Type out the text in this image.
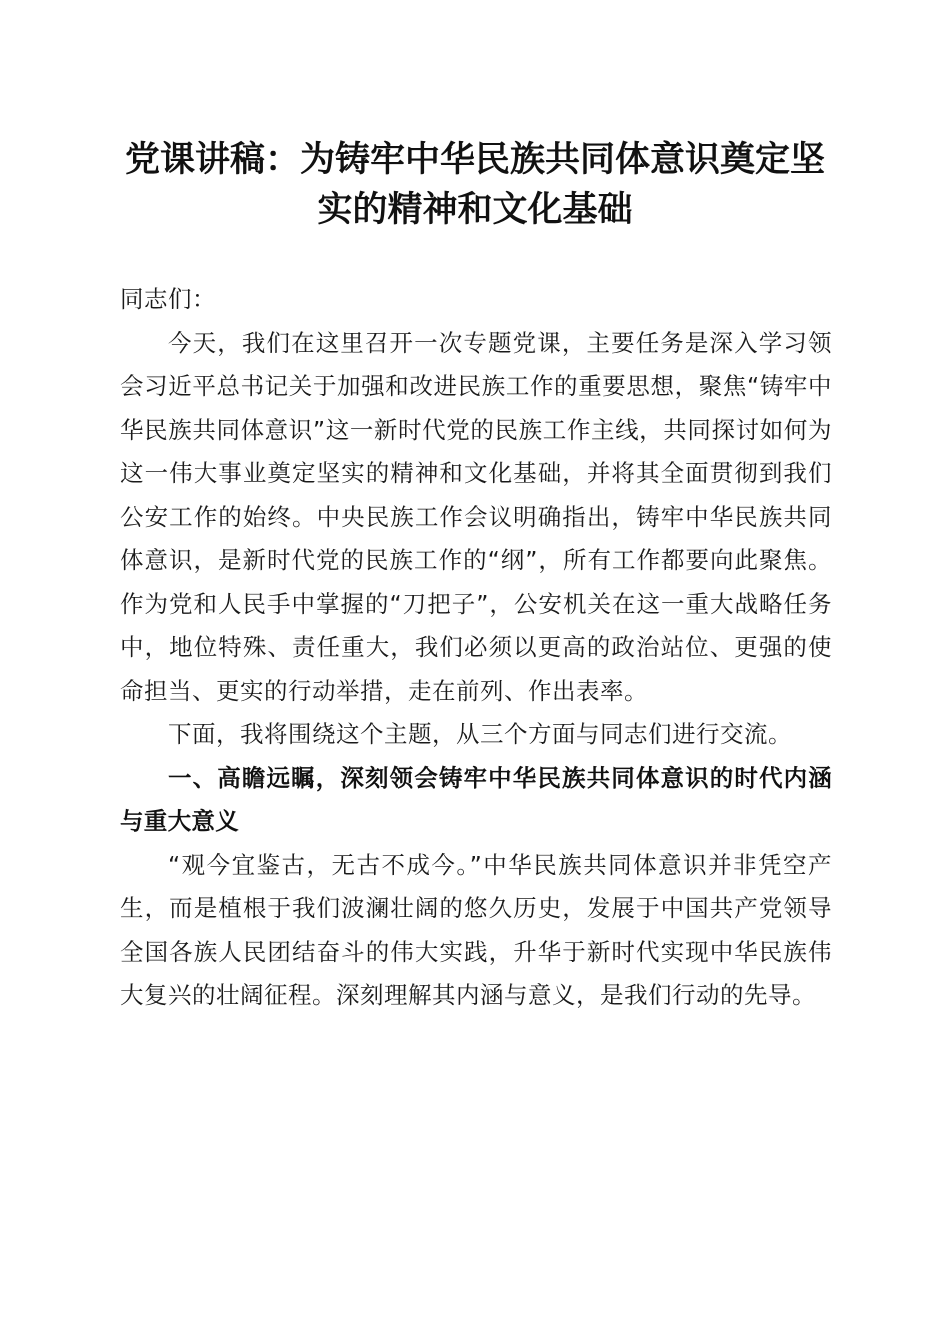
党课讲稿：为铸牢中华民族共同体意识奠定坚
实的精神和文化基础

同志们：

今天，我们在这里召开一次专题党课，主要任务是深入学习领会习近平总书记关于加强和改进民族工作的重要思想，聚焦“铸牢中华民族共同体意识”这一新时代党的民族工作主线，共同探讨如何为这一伟大事业奠定坚实的精神和文化基础，并将其全面贯彻到我们公安工作的始终。中央民族工作会议明确指出，铸牢中华民族共同体意识，是新时代党的民族工作的“纲”，所有工作都要向此聚焦。作为党和人民手中掌握的“刀把子”，公安机关在这一重大战略任务中，地位特殊、责任重大，我们必须以更高的政治站位、更强的使命担当、更实的行动举措，走在前列、作出表率。

下面，我将围绕这个主题，从三个方面与同志们进行交流。

一、高瞻远瞩，深刻领会铸牢中华民族共同体意识的时代内涵与重大意义

“观今宜鉴古，无古不成今。”中华民族共同体意识并非凭空产生，而是植根于我们波澜壮阔的悠久历史，发展于中国共产党领导全国各族人民团结奋斗的伟大实践，升华于新时代实现中华民族伟大复兴的壮阔征程。深刻理解其内涵与意义，是我们行动的先导。
